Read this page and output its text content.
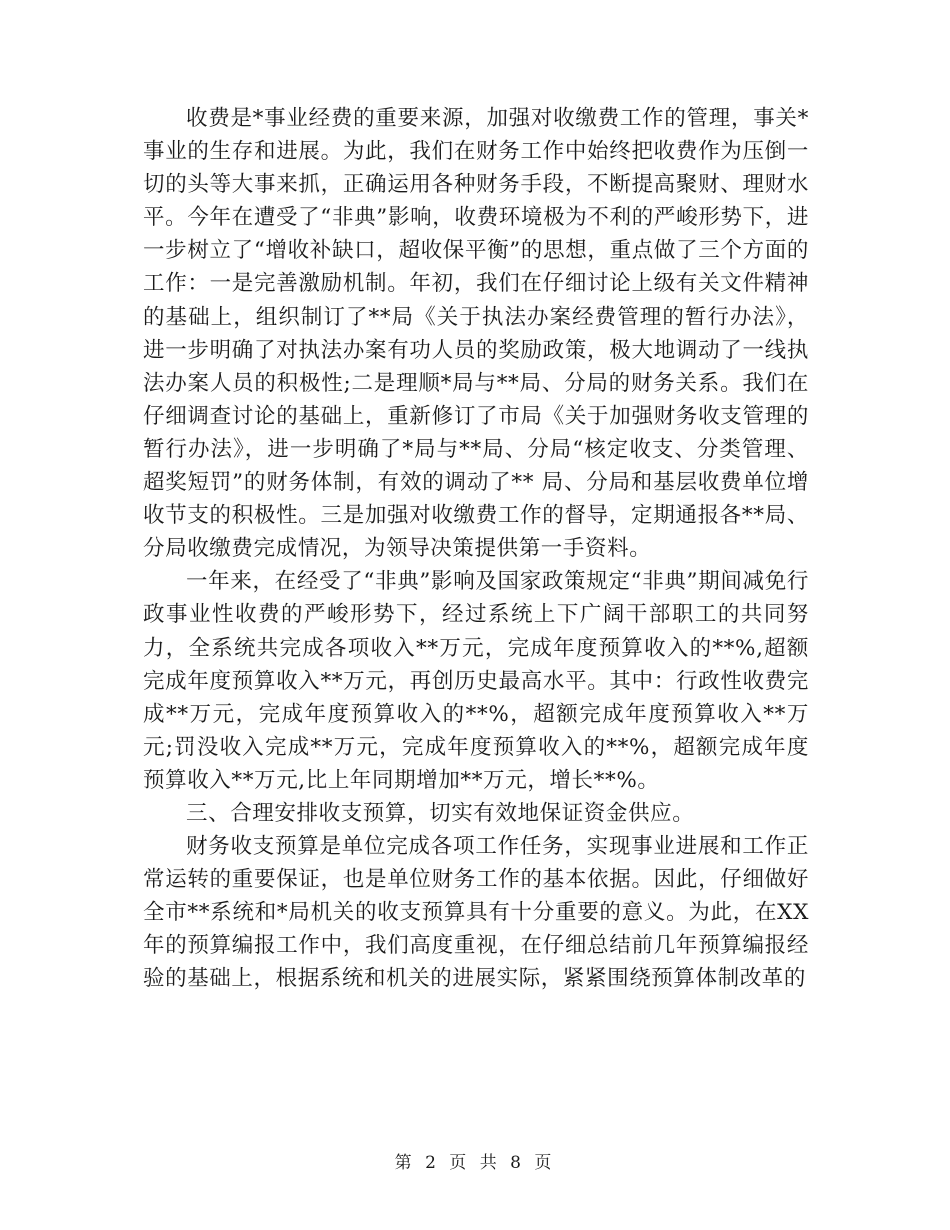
收费是*事业经费的重要来源，加强对收缴费工作的管理，事关*事业的生存和进展。为此，我们在财务工作中始终把收费作为压倒一切的头等大事来抓，正确运用各种财务手段，不断提高聚财、理财水平。今年在遭受了“非典”影响，收费环境极为不利的严峻形势下，进一步树立了“增收补缺口，超收保平衡”的思想，重点做了三个方面的工作：一是完善激励机制。年初，我们在仔细讨论上级有关文件精神的基础上，组织制订了**局《关于执法办案经费管理的暂行办法》，进一步明确了对执法办案有功人员的奖励政策，极大地调动了一线执法办案人员的积极性;二是理顺*局与**局、分局的财务关系。我们在仔细调查讨论的基础上，重新修订了市局《关于加强财务收支管理的暂行办法》，进一步明确了*局与**局、分局“核定收支、分类管理、超奖短罚”的财务体制，有效的调动了** 局、分局和基层收费单位增收节支的积极性。三是加强对收缴费工作的督导，定期通报各**局、分局收缴费完成情况，为领导决策提供第一手资料。

一年来，在经受了“非典”影响及国家政策规定“非典”期间减免行政事业性收费的严峻形势下，经过系统上下广阔干部职工的共同努力，全系统共完成各项收入**万元，完成年度预算收入的**%,超额完成年度预算收入**万元，再创历史最高水平。其中：行政性收费完成**万元，完成年度预算收入的**%，超额完成年度预算收入**万元;罚没收入完成**万元，完成年度预算收入的**%，超额完成年度预算收入**万元,比上年同期增加**万元，增长**%。

三、合理安排收支预算，切实有效地保证资金供应。

财务收支预算是单位完成各项工作任务，实现事业进展和工作正常运转的重要保证，也是单位财务工作的基本依据。因此，仔细做好全市**系统和*局机关的收支预算具有十分重要的意义。为此，在XX年的预算编报工作中，我们高度重视，在仔细总结前几年预算编报经验的基础上，根据系统和机关的进展实际，紧紧围绕预算体制改革的

第 2 页 共 8 页
